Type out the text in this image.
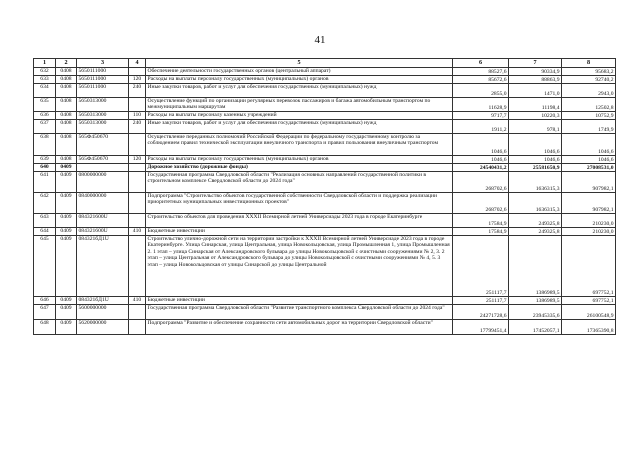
41
1	2	3	4	5	6	7	8
632	0408	5650111000		Обеспечение деятельности государственных органов (центральный аппарат)	88527,6	90334,9	95683,2
633	0408	5650111000	120	Расходы на выплаты персоналу государственных (муниципальных) органов	85672,6	88863,9	92740,2
634	0408	5650111000	240	Иные закупки товаров, работ и услуг для обеспечения государственных (муниципальных) нужд	2855,0	1471,0	2943,0
635	0408	5650313000		Осуществление функций по организации регулярных перевозок пассажиров и багажа автомобильным транспортом по межмуниципальным маршрутам	11628,9	11198,4	12502,8
636	0408	5650313000	110	Расходы на выплаты персоналу казенных учреждений	9717,7	10220,3	10752,9
637	0408	5650313000	240	Иные закупки товаров, работ и услуг для обеспечения государственных (муниципальных) нужд	1911,2	978,1	1749,9
638	0408	565Ф450670		Осуществление переданных полномочий Российской Федерации по федеральному государственному контролю за соблюдением правил технической эксплуатации внеуличного транспорта и правил пользования внеуличным транспортом	1046,6	1046,6	1046,6
639	0408	565Ф450670	120	Расходы на выплаты персоналу государственных (муниципальных) органов	1046,6	1046,6	1046,6
640	0409			Дорожное хозяйство (дорожные фонды)	24540431,2	25581650,9	27008531,0
641	0409	0800000000		Государственная программа Свердловской области "Реализация основных направлений государственной политики в строительном комплексе Свердловской области до 2024 года"	268702,6	1636315,3	907982,1
642	0409	0840000000		Подпрограмма "Строительство объектов государственной собственности Свердловской области и поддержка реализации приоритетных муниципальных инвестиционных проектов"	268702,6	1636315,3	907982,1
643	0409	084321600U		Строительство объектов для проведения XXXII Всемирной летней Универсиады 2023 года в городе Екатеринбурге	17584,9	249325,8	210230,0
644	0409	084321600U	410	Бюджетные инвестиции	17584,9	249325,8	210230,0
645	0409	084321бД1U		Строительство улично-дорожной сети на территории застройки к XXXII Всемирной летней Универсиаде 2023 года в городе Екатеринбурге. Улица Синарская, улица Центральная, улица Новокольцовская, улица Промышленная 1, улица Промышленная 2. 1 этап – улица Синарская от Александровского бульвара до улицы Новокольцовской с очистными сооружениями № 2, 3. 2 этап – улица Центральная от Александровского бульвара до улицы Новокольцовской с очистными сооружениями № 4, 5. 3 этап – улица Новокольцовская от улицы Синарской до улицы Центральной	251117,7	1386989,5	697752,1
646	0409	084321бД1U	410	Бюджетные инвестиции	251117,7	1386989,5	697752,1
647	0409	5600000000		Государственная программа Свердловской области "Развитие транспортного комплекса Свердловской области до 2024 года"	24271728,6	23945335,6	26100548,9
648	0409	5620000000		Подпрограмма "Развитие и обеспечение сохранности сети автомобильных дорог на территории Свердловской области"	17799451,4	17452057,1	17365390,8
